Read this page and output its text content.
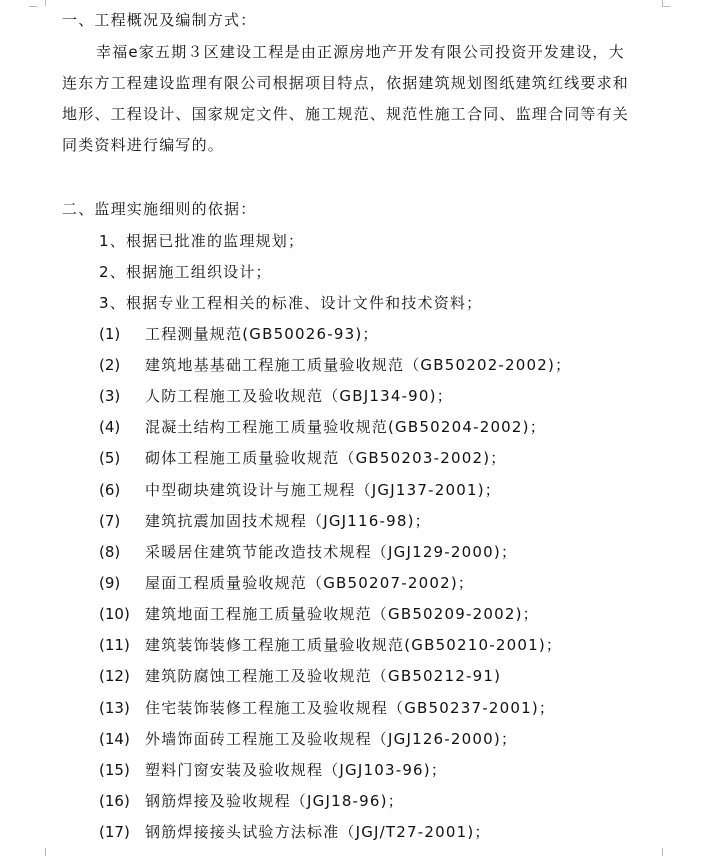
一、工程概况及编制方式：
幸福e家五期３区建设工程是由正源房地产开发有限公司投资开发建设，大
连东方工程建设监理有限公司根据项目特点，依据建筑规划图纸建筑红线要求和
地形、工程设计、国家规定文件、施工规范、规范性施工合同、监理合同等有关
同类资料进行编写的。
二、监理实施细则的依据：
1、根据已批准的监理规划；
2、根据施工组织设计；
3、根据专业工程相关的标准、设计文件和技术资料；
(1) 工程测量规范(GB50026-93)；
(2) 建筑地基基础工程施工质量验收规范（GB50202-2002)；
(3) 人防工程施工及验收规范（GBJ134-90)；
(4) 混凝土结构工程施工质量验收规范(GB50204-2002)；
(5) 砌体工程施工质量验收规范（GB50203-2002)；
(6) 中型砌块建筑设计与施工规程（JGJ137-2001)；
(7) 建筑抗震加固技术规程（JGJ116-98)；
(8) 采暖居住建筑节能改造技术规程（JGJ129-2000)；
(9) 屋面工程质量验收规范（GB50207-2002)；
(10) 建筑地面工程施工质量验收规范（GB50209-2002)；
(11) 建筑装饰装修工程施工质量验收规范(GB50210-2001)；
(12) 建筑防腐蚀工程施工及验收规范（GB50212-91)
(13) 住宅装饰装修工程施工及验收规程（GB50237-2001)；
(14) 外墙饰面砖工程施工及验收规程（JGJ126-2000)；
(15) 塑料门窗安装及验收规程（JGJ103-96)；
(16) 钢筋焊接及验收规程（JGJ18-96)；
(17) 钢筋焊接接头试验方法标准（JGJ/T27-2001)；
